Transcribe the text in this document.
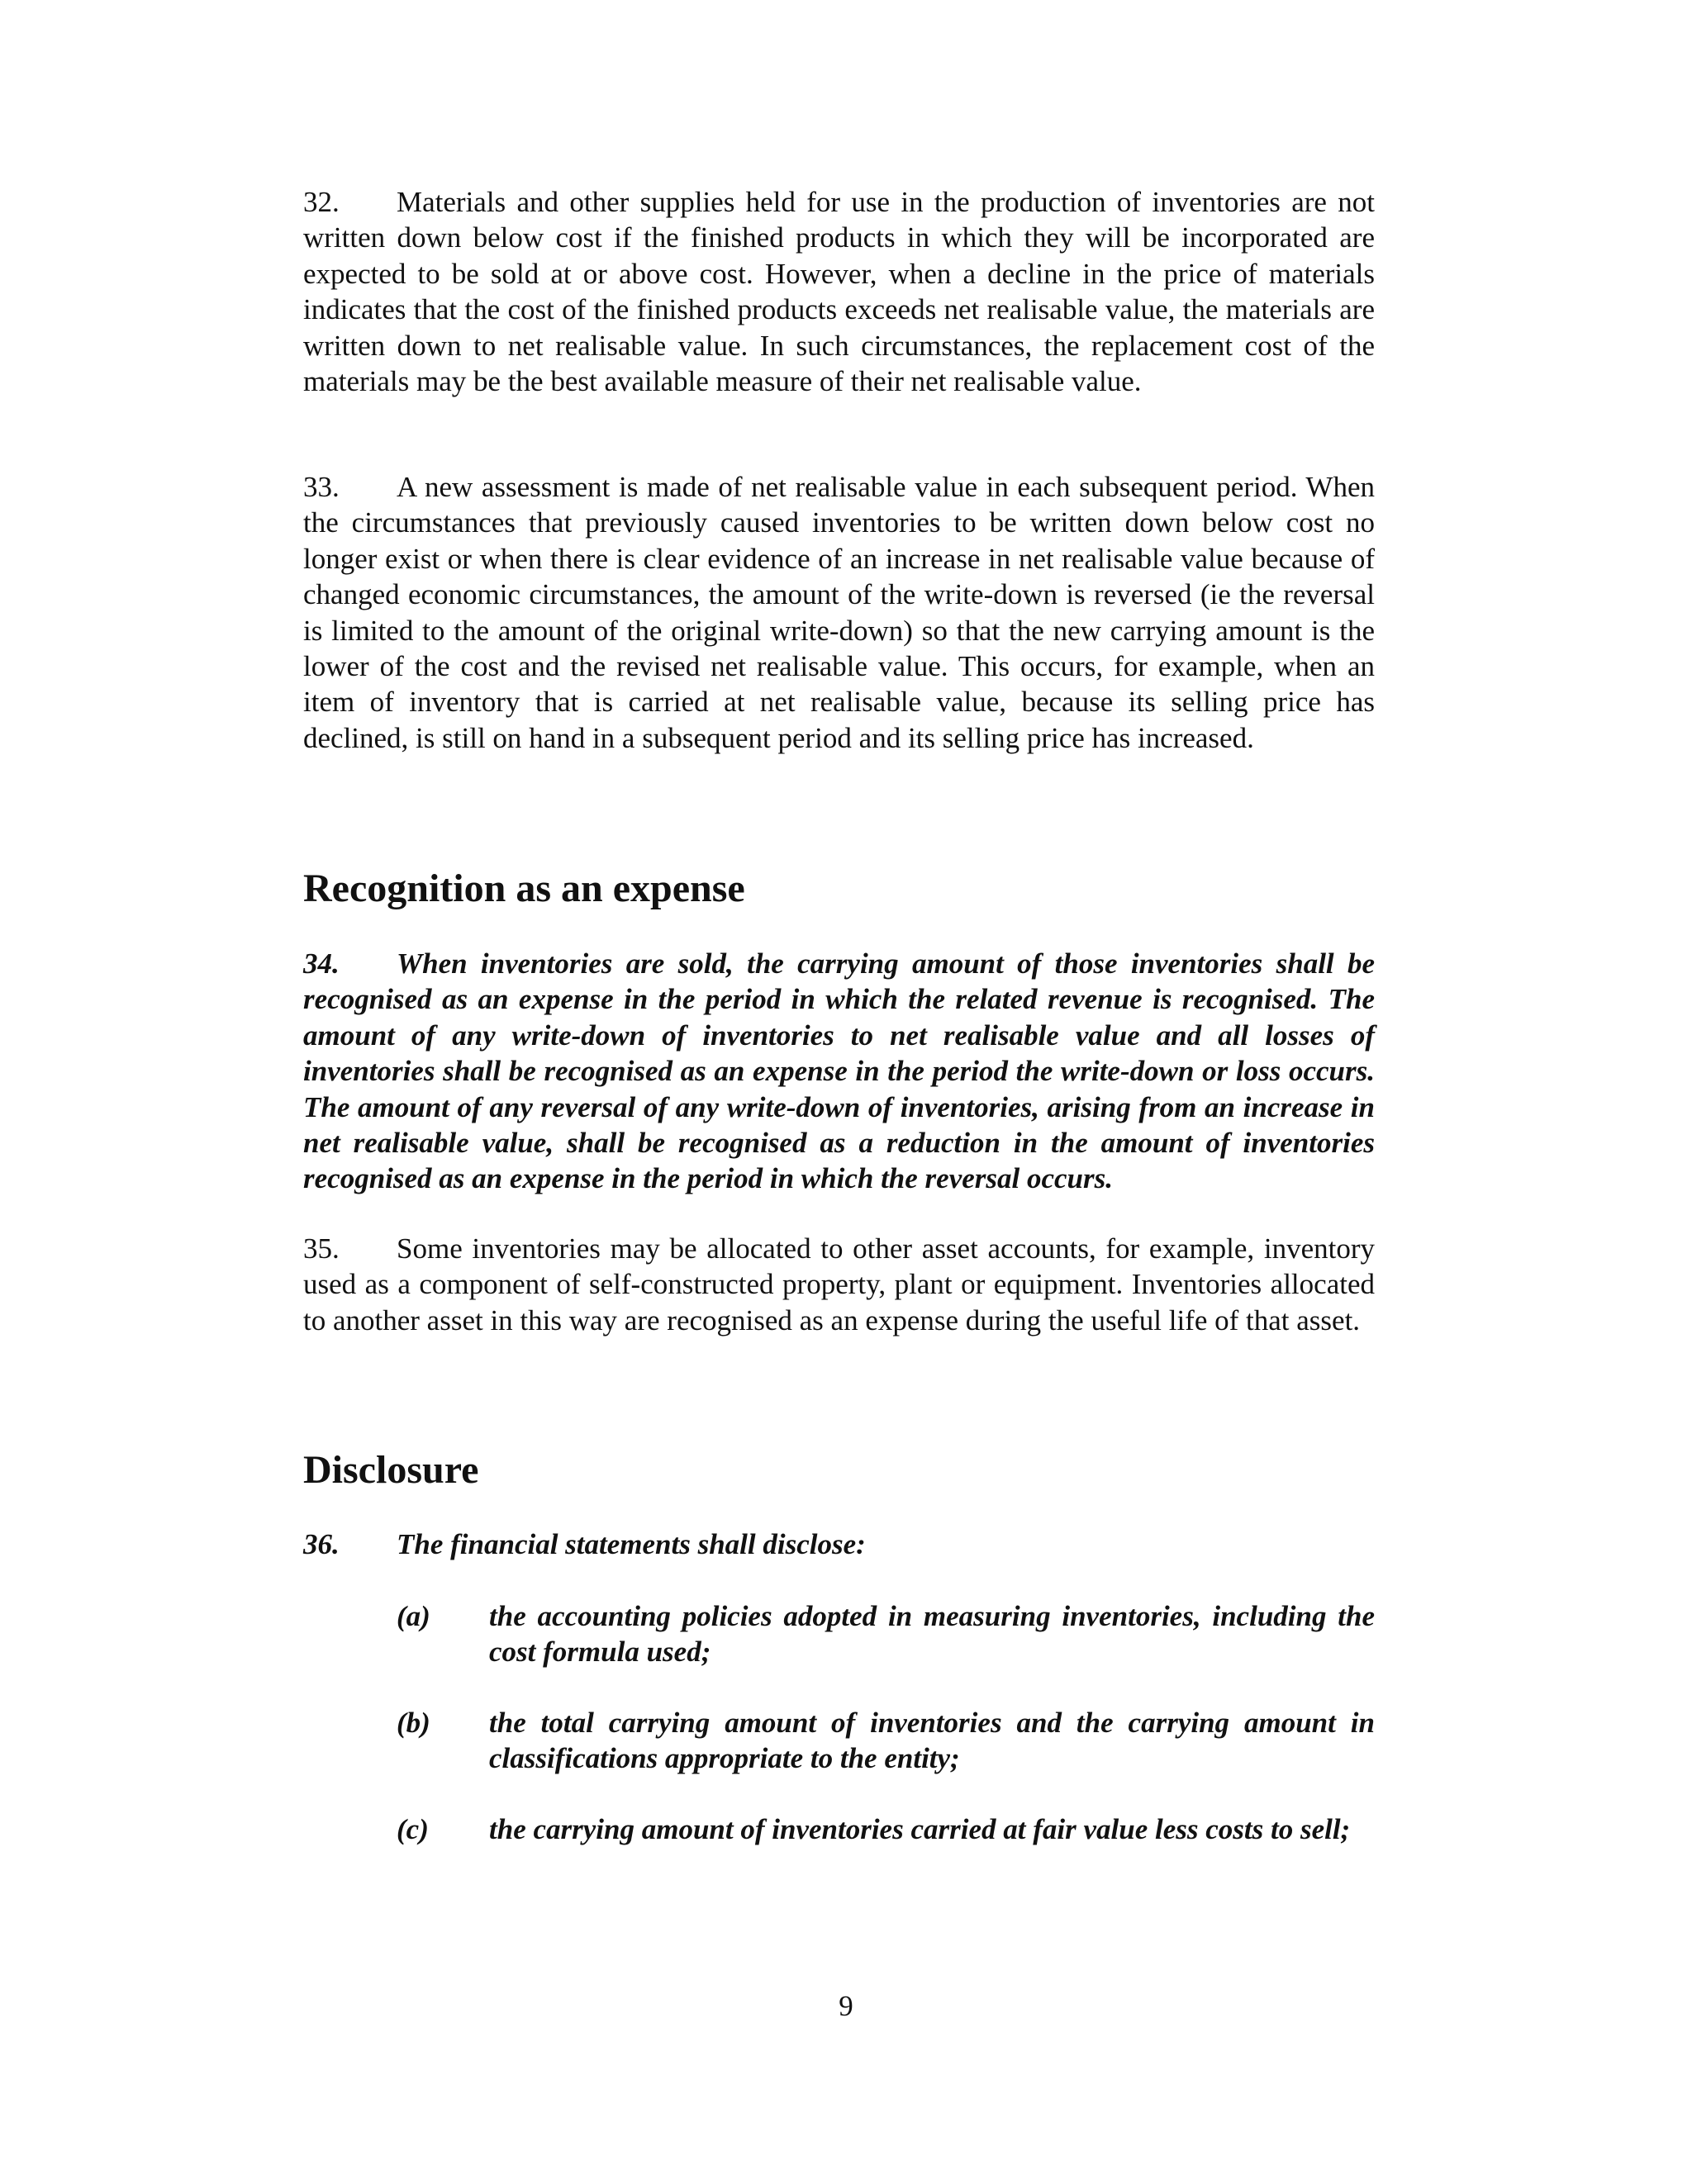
32. Materials and other supplies held for use in the production of inventories are not written down below cost if the finished products in which they will be incorporated are expected to be sold at or above cost. However, when a decline in the price of materials indicates that the cost of the finished products exceeds net realisable value, the materials are written down to net realisable value. In such circumstances, the replacement cost of the materials may be the best available measure of their net realisable value.

33. A new assessment is made of net realisable value in each subsequent period. When the circumstances that previously caused inventories to be written down below cost no longer exist or when there is clear evidence of an increase in net realisable value because of changed economic circumstances, the amount of the write-down is reversed (ie the reversal is limited to the amount of the original write-down) so that the new carrying amount is the lower of the cost and the revised net realisable value. This occurs, for example, when an item of inventory that is carried at net realisable value, because its selling price has declined, is still on hand in a subsequent period and its selling price has increased.

Recognition as an expense

34. When inventories are sold, the carrying amount of those inventories shall be recognised as an expense in the period in which the related revenue is recognised. The amount of any write-down of inventories to net realisable value and all losses of inventories shall be recognised as an expense in the period the write-down or loss occurs. The amount of any reversal of any write-down of inventories, arising from an increase in net realisable value, shall be recognised as a reduction in the amount of inventories recognised as an expense in the period in which the reversal occurs.

35. Some inventories may be allocated to other asset accounts, for example, inventory used as a component of self-constructed property, plant or equipment. Inventories allocated to another asset in this way are recognised as an expense during the useful life of that asset.

Disclosure

36. The financial statements shall disclose:

(a)	the accounting policies adopted in measuring inventories, including the cost formula used;
(b)	the total carrying amount of inventories and the carrying amount in classifications appropriate to the entity;
(c)	the carrying amount of inventories carried at fair value less costs to sell;
9
